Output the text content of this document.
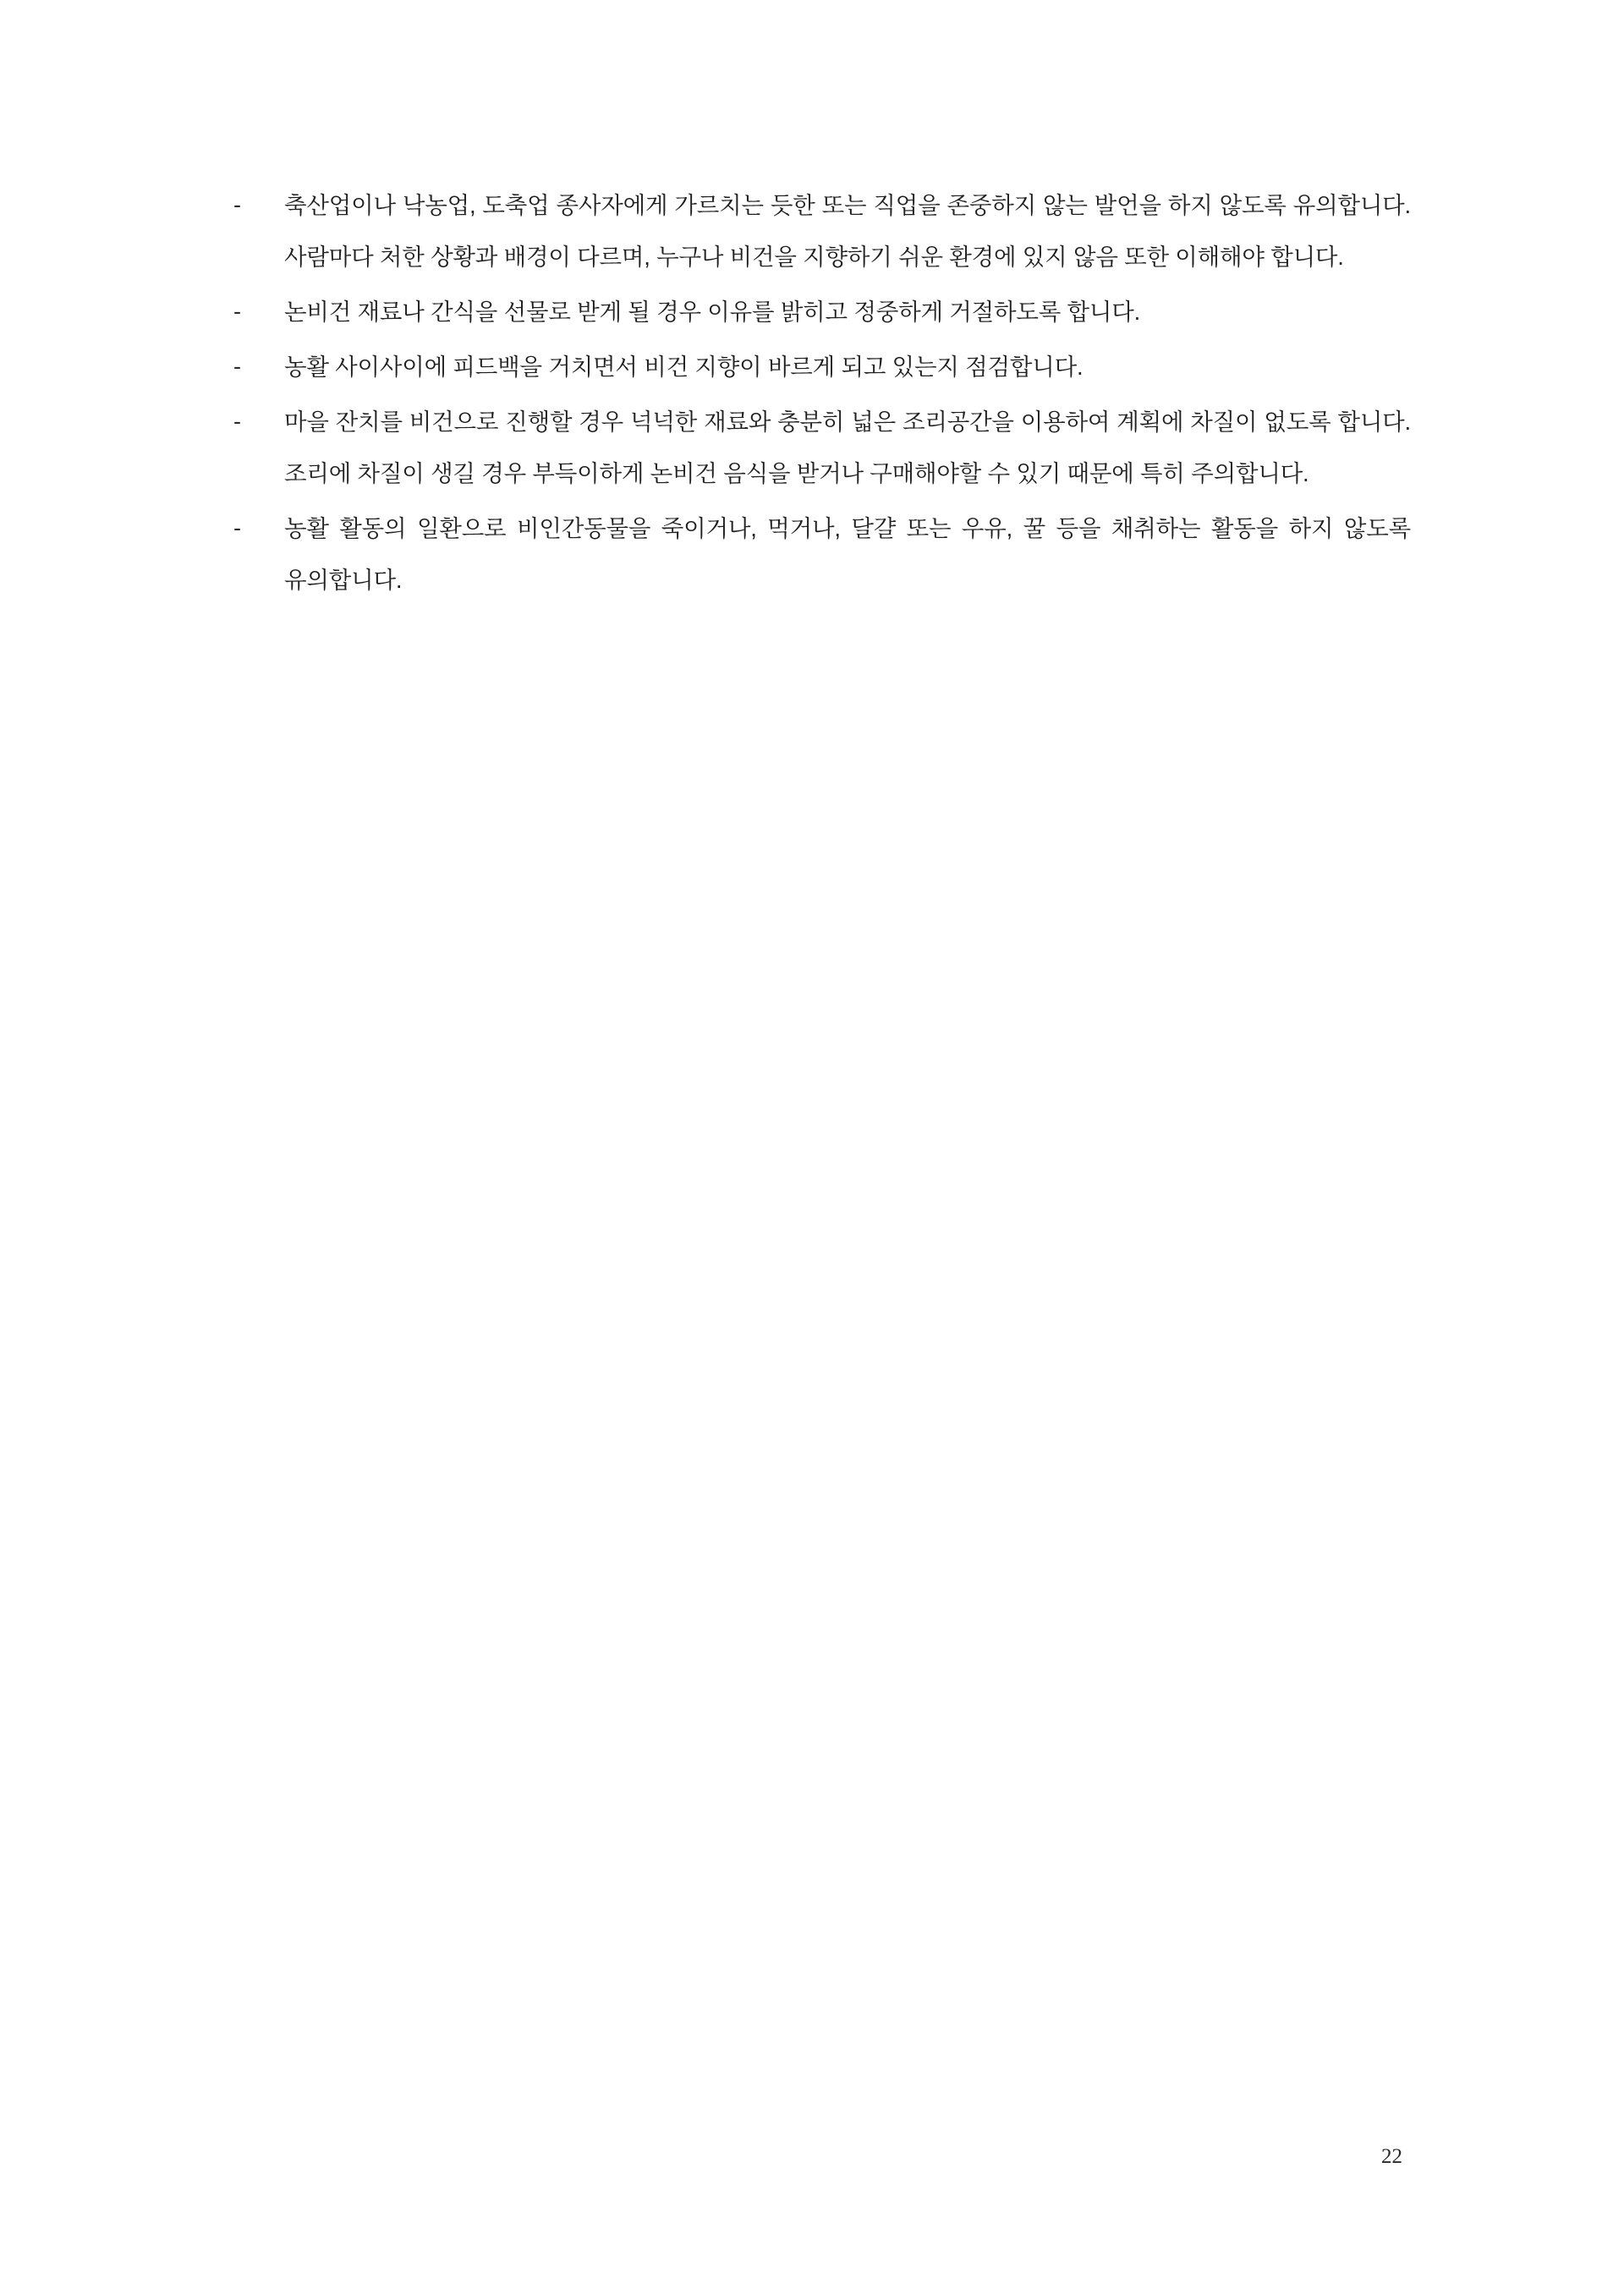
- 축산업이나 낙농업, 도축업 종사자에게 가르치는 듯한 또는 직업을 존중하지 않는 발언을 하지 않도록 유의합니다. 사람마다 처한 상황과 배경이 다르며, 누구나 비건을 지향하기 쉬운 환경에 있지 않음 또한 이해해야 합니다.
- 논비건 재료나 간식을 선물로 받게 될 경우 이유를 밝히고 정중하게 거절하도록 합니다.
- 농활 사이사이에 피드백을 거치면서 비건 지향이 바르게 되고 있는지 점검합니다.
- 마을 잔치를 비건으로 진행할 경우 넉넉한 재료와 충분히 넓은 조리공간을 이용하여 계획에 차질이 없도록 합니다. 조리에 차질이 생길 경우 부득이하게 논비건 음식을 받거나 구매해야할 수 있기 때문에 특히 주의합니다.
- 농활 활동의 일환으로 비인간동물을 죽이거나, 먹거나, 달걀 또는 우유, 꿀 등을 채취하는 활동을 하지 않도록 유의합니다.
22
